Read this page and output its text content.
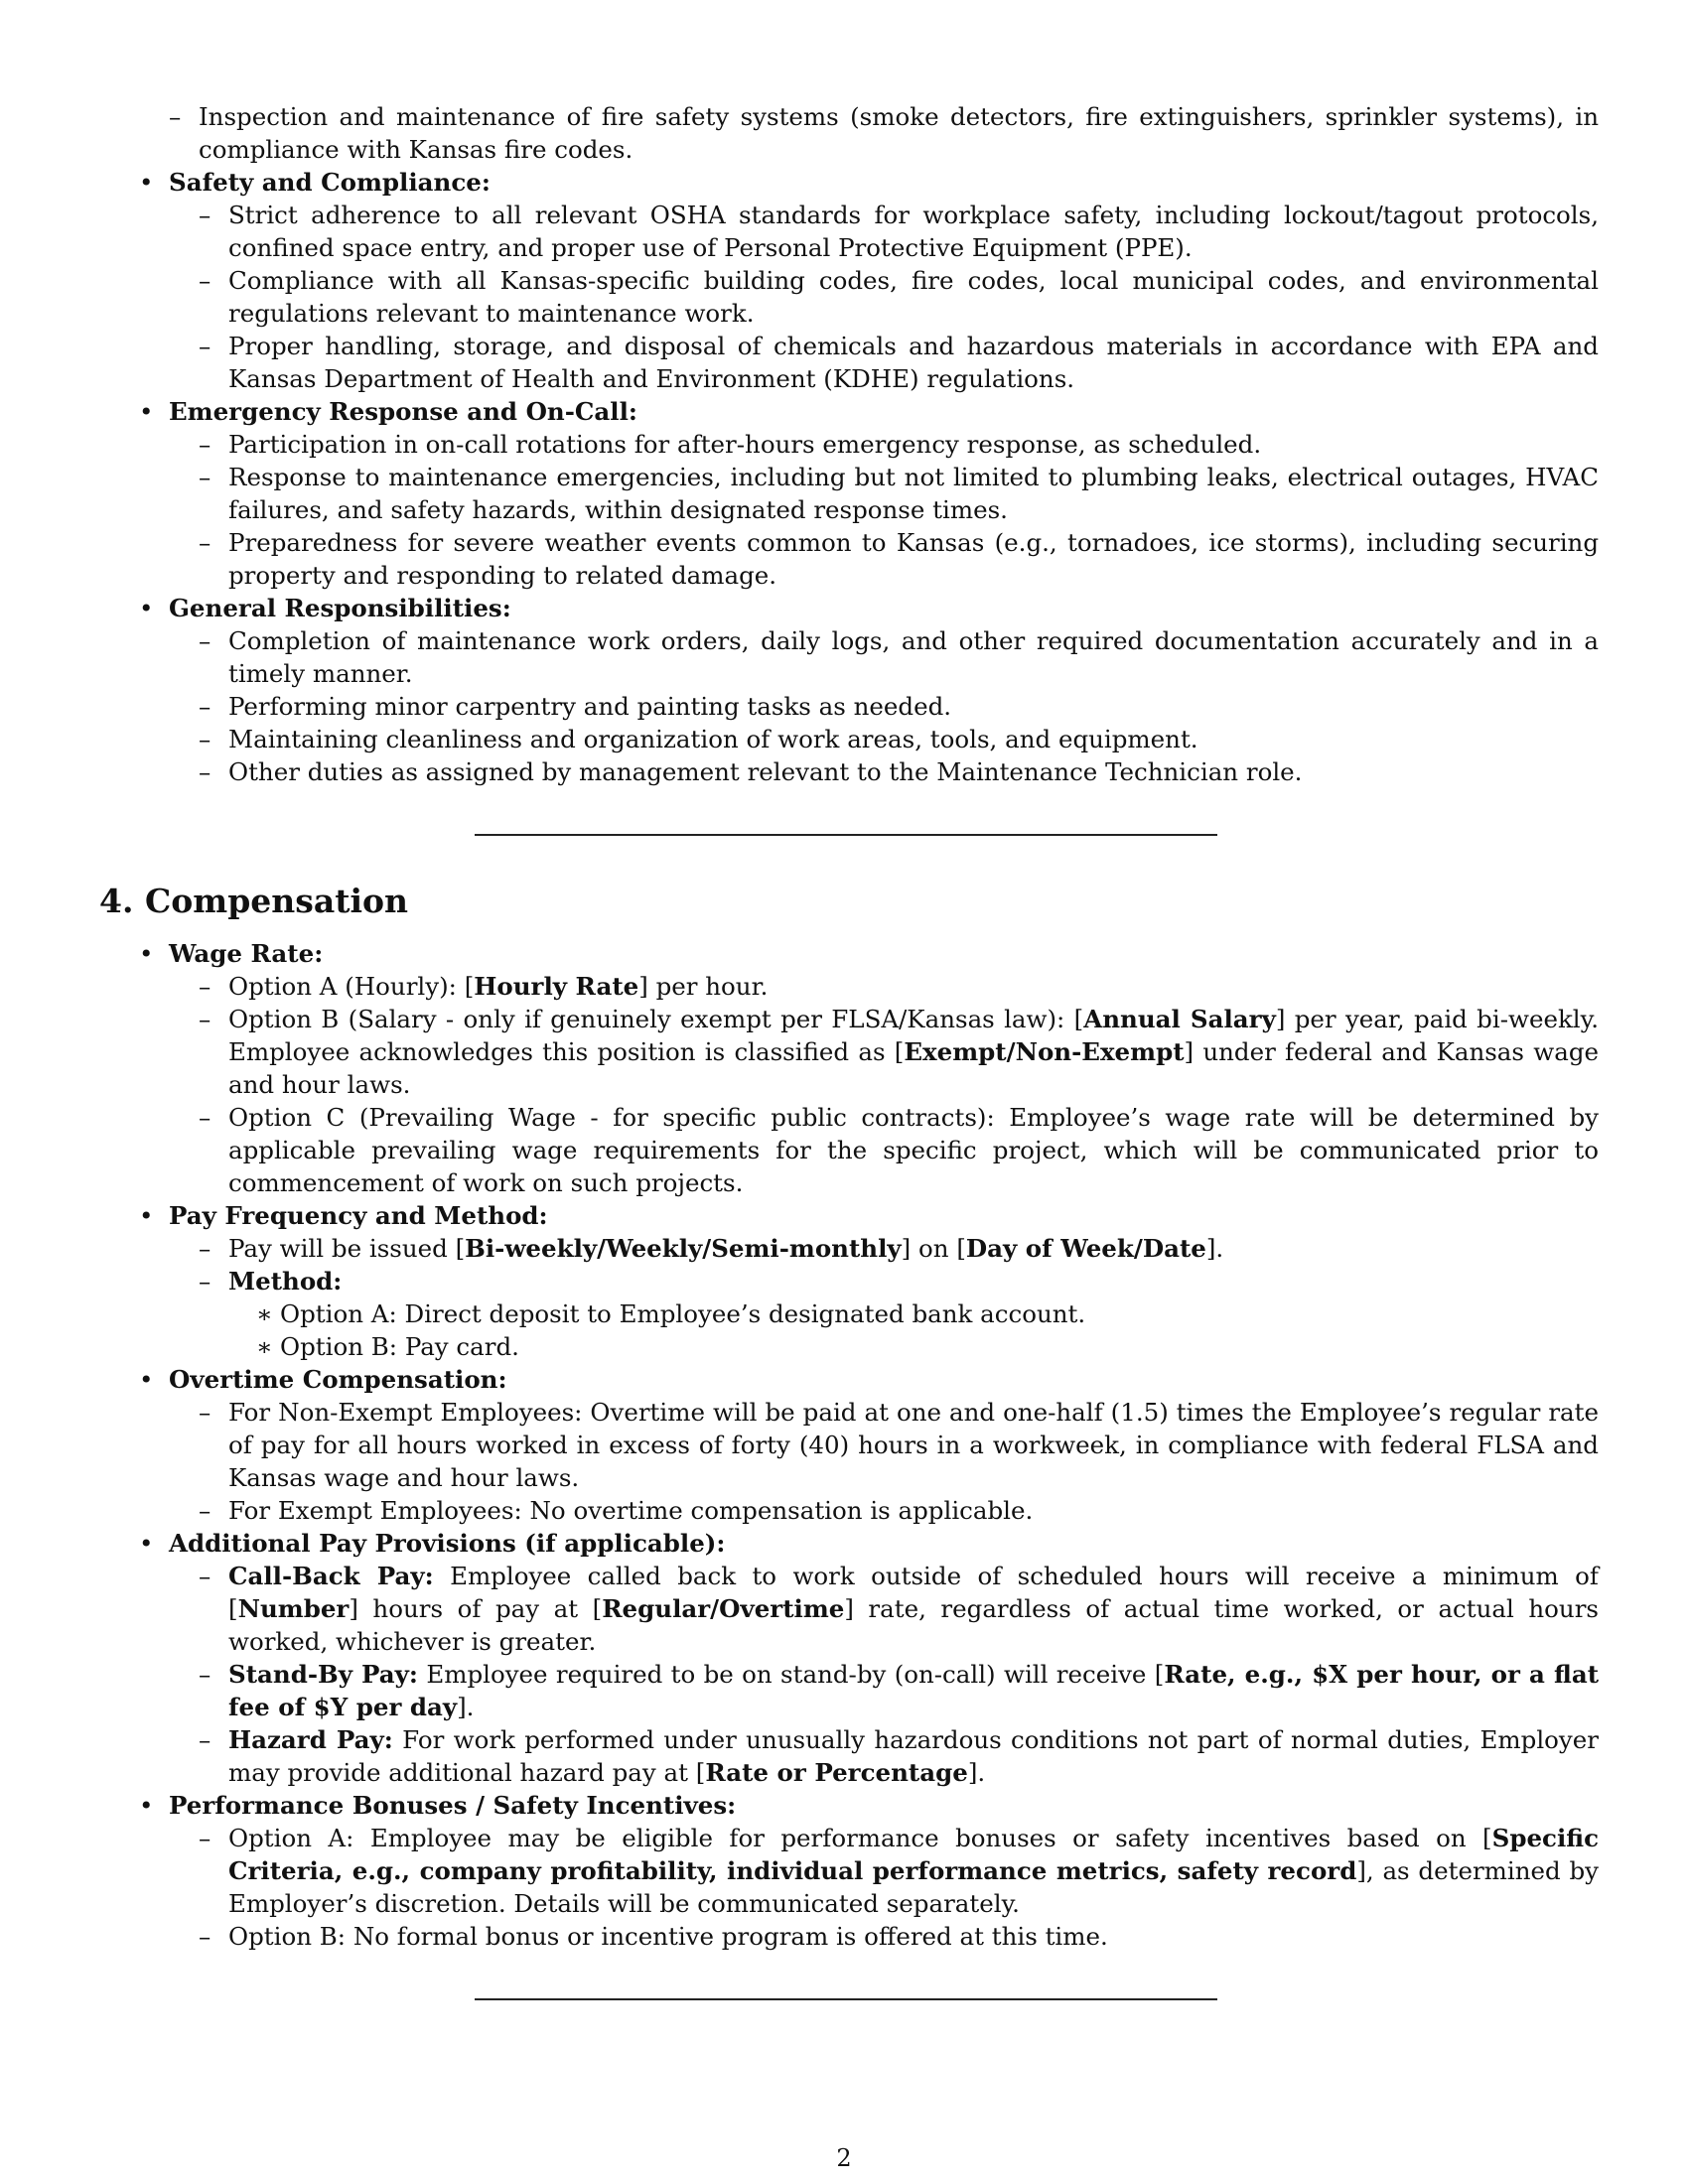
– Inspection and maintenance of fire safety systems (smoke detectors, fire extinguishers, sprinkler systems), in compliance with Kansas fire codes.
• Safety and Compliance:
– Strict adherence to all relevant OSHA standards for workplace safety, including lockout/tagout protocols, confined space entry, and proper use of Personal Protective Equipment (PPE).
– Compliance with all Kansas-specific building codes, fire codes, local municipal codes, and environmental regulations relevant to maintenance work.
– Proper handling, storage, and disposal of chemicals and hazardous materials in accordance with EPA and Kansas Department of Health and Environment (KDHE) regulations.
• Emergency Response and On-Call:
– Participation in on-call rotations for after-hours emergency response, as scheduled.
– Response to maintenance emergencies, including but not limited to plumbing leaks, electrical outages, HVAC failures, and safety hazards, within designated response times.
– Preparedness for severe weather events common to Kansas (e.g., tornadoes, ice storms), including securing property and responding to related damage.
• General Responsibilities:
– Completion of maintenance work orders, daily logs, and other required documentation accurately and in a timely manner.
– Performing minor carpentry and painting tasks as needed.
– Maintaining cleanliness and organization of work areas, tools, and equipment.
– Other duties as assigned by management relevant to the Maintenance Technician role.
4. Compensation
• Wage Rate:
– Option A (Hourly): [Hourly Rate] per hour.
– Option B (Salary - only if genuinely exempt per FLSA/Kansas law): [Annual Salary] per year, paid bi-weekly. Employee acknowledges this position is classified as [Exempt/Non-Exempt] under federal and Kansas wage and hour laws.
– Option C (Prevailing Wage - for specific public contracts): Employee’s wage rate will be determined by applicable prevailing wage requirements for the specific project, which will be communicated prior to commencement of work on such projects.
• Pay Frequency and Method:
– Pay will be issued [Bi-weekly/Weekly/Semi-monthly] on [Day of Week/Date].
– Method:
∗ Option A: Direct deposit to Employee’s designated bank account.
∗ Option B: Pay card.
• Overtime Compensation:
– For Non-Exempt Employees: Overtime will be paid at one and one-half (1.5) times the Employee’s regular rate of pay for all hours worked in excess of forty (40) hours in a workweek, in compliance with federal FLSA and Kansas wage and hour laws.
– For Exempt Employees: No overtime compensation is applicable.
• Additional Pay Provisions (if applicable):
– Call-Back Pay: Employee called back to work outside of scheduled hours will receive a minimum of [Number] hours of pay at [Regular/Overtime] rate, regardless of actual time worked, or actual hours worked, whichever is greater.
– Stand-By Pay: Employee required to be on stand-by (on-call) will receive [Rate, e.g., $X per hour, or a flat fee of $Y per day].
– Hazard Pay: For work performed under unusually hazardous conditions not part of normal duties, Employer may provide additional hazard pay at [Rate or Percentage].
• Performance Bonuses / Safety Incentives:
– Option A: Employee may be eligible for performance bonuses or safety incentives based on [Specific Criteria, e.g., company profitability, individual performance metrics, safety record], as determined by Employer’s discretion. Details will be communicated separately.
– Option B: No formal bonus or incentive program is offered at this time.
2
